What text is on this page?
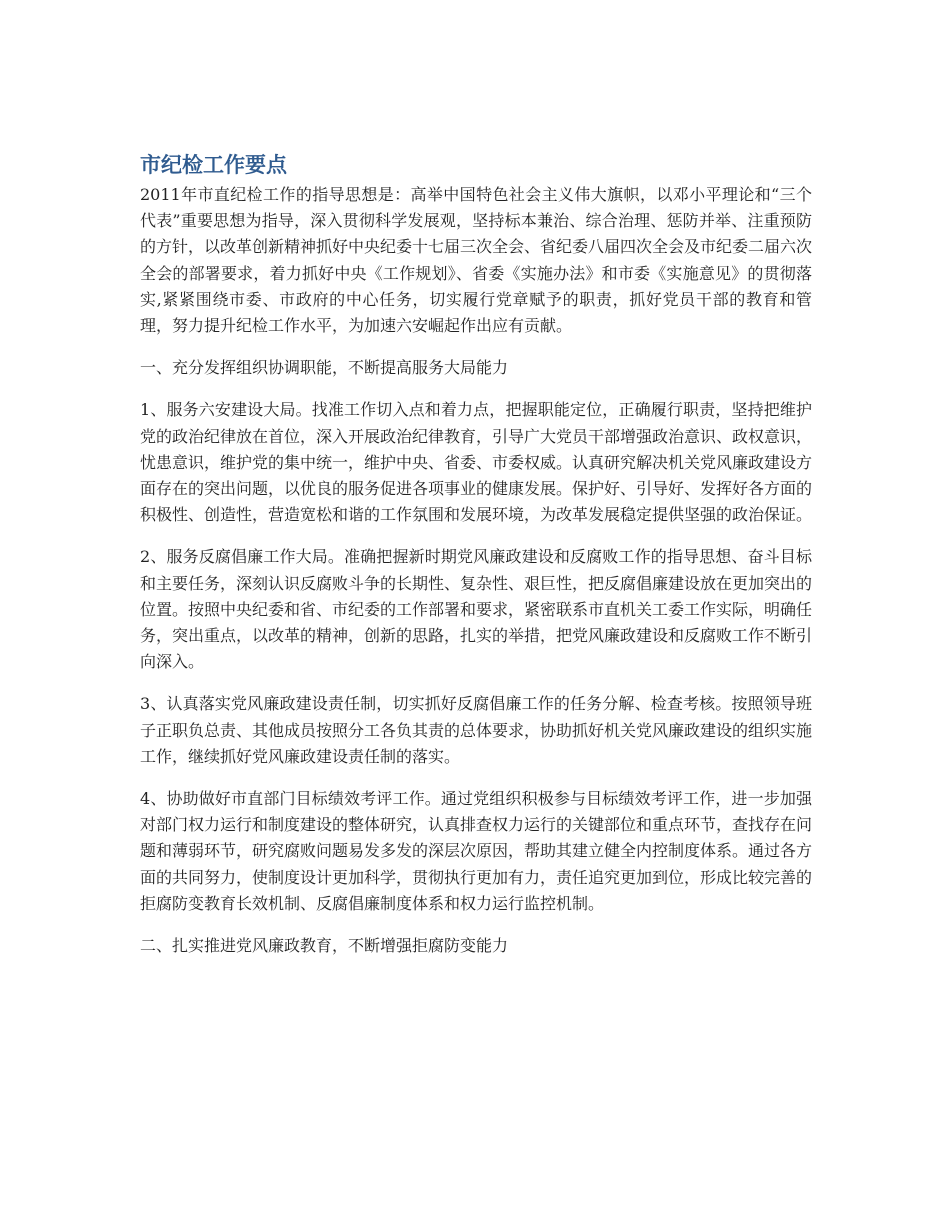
市纪检工作要点

2011年市直纪检工作的指导思想是：高举中国特色社会主义伟大旗帜，以邓小平理论和“三个代表”重要思想为指导，深入贯彻科学发展观，坚持标本兼治、综合治理、惩防并举、注重预防的方针，以改革创新精神抓好中央纪委十七届三次全会、省纪委八届四次全会及市纪委二届六次全会的部署要求，着力抓好中央《工作规划》、省委《实施办法》和市委《实施意见》的贯彻落实,紧紧围绕市委、市政府的中心任务，切实履行党章赋予的职责，抓好党员干部的教育和管理，努力提升纪检工作水平，为加速六安崛起作出应有贡献。

一、充分发挥组织协调职能，不断提高服务大局能力

1、服务六安建设大局。找准工作切入点和着力点，把握职能定位，正确履行职责，坚持把维护党的政治纪律放在首位，深入开展政治纪律教育，引导广大党员干部增强政治意识、政权意识，忧患意识，维护党的集中统一，维护中央、省委、市委权威。认真研究解决机关党风廉政建设方面存在的突出问题，以优良的服务促进各项事业的健康发展。保护好、引导好、发挥好各方面的积极性、创造性，营造宽松和谐的工作氛围和发展环境，为改革发展稳定提供坚强的政治保证。

2、服务反腐倡廉工作大局。准确把握新时期党风廉政建设和反腐败工作的指导思想、奋斗目标和主要任务，深刻认识反腐败斗争的长期性、复杂性、艰巨性，把反腐倡廉建设放在更加突出的位置。按照中央纪委和省、市纪委的工作部署和要求，紧密联系市直机关工委工作实际，明确任务，突出重点，以改革的精神，创新的思路，扎实的举措，把党风廉政建设和反腐败工作不断引向深入。

3、认真落实党风廉政建设责任制，切实抓好反腐倡廉工作的任务分解、检查考核。按照领导班子正职负总责、其他成员按照分工各负其责的总体要求，协助抓好机关党风廉政建设的组织实施工作，继续抓好党风廉政建设责任制的落实。

4、协助做好市直部门目标绩效考评工作。通过党组织积极参与目标绩效考评工作，进一步加强对部门权力运行和制度建设的整体研究，认真排查权力运行的关键部位和重点环节，查找存在问题和薄弱环节，研究腐败问题易发多发的深层次原因，帮助其建立健全内控制度体系。通过各方面的共同努力，使制度设计更加科学，贯彻执行更加有力，责任追究更加到位，形成比较完善的拒腐防变教育长效机制、反腐倡廉制度体系和权力运行监控机制。

二、扎实推进党风廉政教育，不断增强拒腐防变能力
